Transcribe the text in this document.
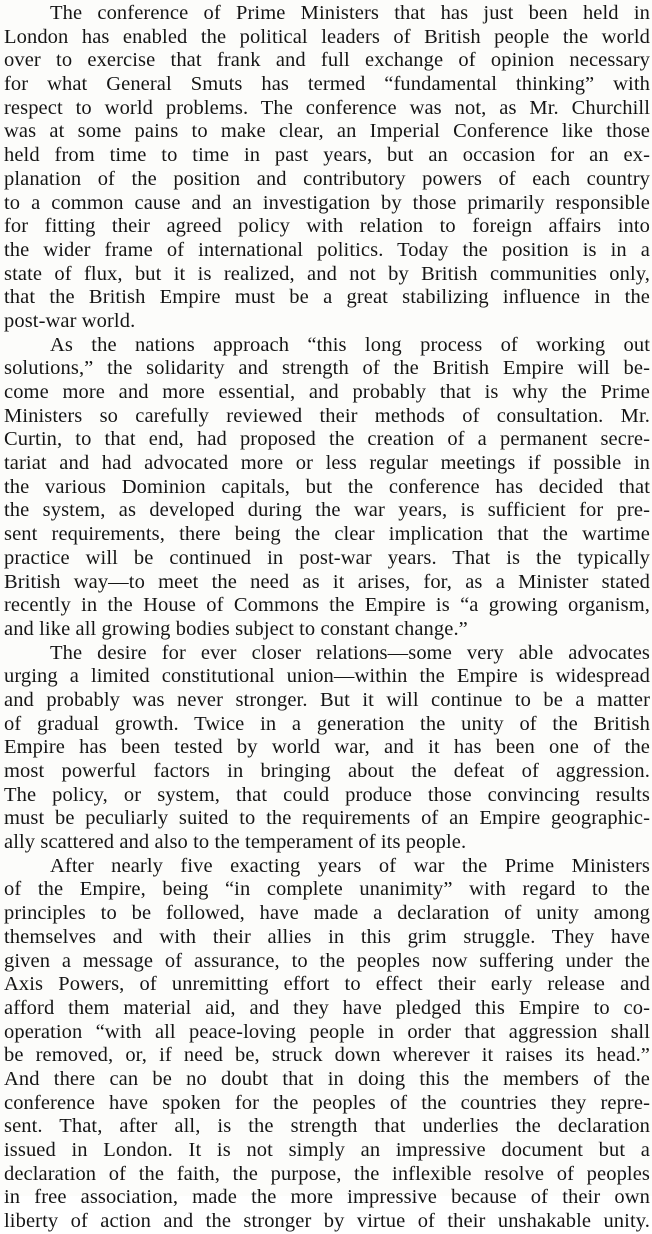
The conference of Prime Ministers that has just been held in
London has enabled the political leaders of British people the world
over to exercise that frank and full exchange of opinion necessary
for what General Smuts has termed “fundamental thinking” with
respect to world problems. The conference was not, as Mr. Churchill
was at some pains to make clear, an Imperial Conference like those
held from time to time in past years, but an occasion for an ex-
planation of the position and contributory powers of each country
to a common cause and an investigation by those primarily responsible
for fitting their agreed policy with relation to foreign affairs into
the wider frame of international politics. Today the position is in a
state of flux, but it is realized, and not by British communities only,
that the British Empire must be a great stabilizing influence in the
post-war world.
As the nations approach “this long process of working out
solutions,” the solidarity and strength of the British Empire will be-
come more and more essential, and probably that is why the Prime
Ministers so carefully reviewed their methods of consultation. Mr.
Curtin, to that end, had proposed the creation of a permanent secre-
tariat and had advocated more or less regular meetings if possible in
the various Dominion capitals, but the conference has decided that
the system, as developed during the war years, is sufficient for pre-
sent requirements, there being the clear implication that the wartime
practice will be continued in post-war years. That is the typically
British way—to meet the need as it arises, for, as a Minister stated
recently in the House of Commons the Empire is “a growing organism,
and like all growing bodies subject to constant change.”
The desire for ever closer relations—some very able advocates
urging a limited constitutional union—within the Empire is widespread
and probably was never stronger. But it will continue to be a matter
of gradual growth. Twice in a generation the unity of the British
Empire has been tested by world war, and it has been one of the
most powerful factors in bringing about the defeat of aggression.
The policy, or system, that could produce those convincing results
must be peculiarly suited to the requirements of an Empire geographic-
ally scattered and also to the temperament of its people.
After nearly five exacting years of war the Prime Ministers
of the Empire, being “in complete unanimity” with regard to the
principles to be followed, have made a declaration of unity among
themselves and with their allies in this grim struggle. They have
given a message of assurance, to the peoples now suffering under the
Axis Powers, of unremitting effort to effect their early release and
afford them material aid, and they have pledged this Empire to co-
operation “with all peace-loving people in order that aggression shall
be removed, or, if need be, struck down wherever it raises its head.”
And there can be no doubt that in doing this the members of the
conference have spoken for the peoples of the countries they repre-
sent. That, after all, is the strength that underlies the declaration
issued in London. It is not simply an impressive document but a
declaration of the faith, the purpose, the inflexible resolve of peoples
in free association, made the more impressive because of their own
liberty of action and the stronger by virtue of their unshakable unity.
